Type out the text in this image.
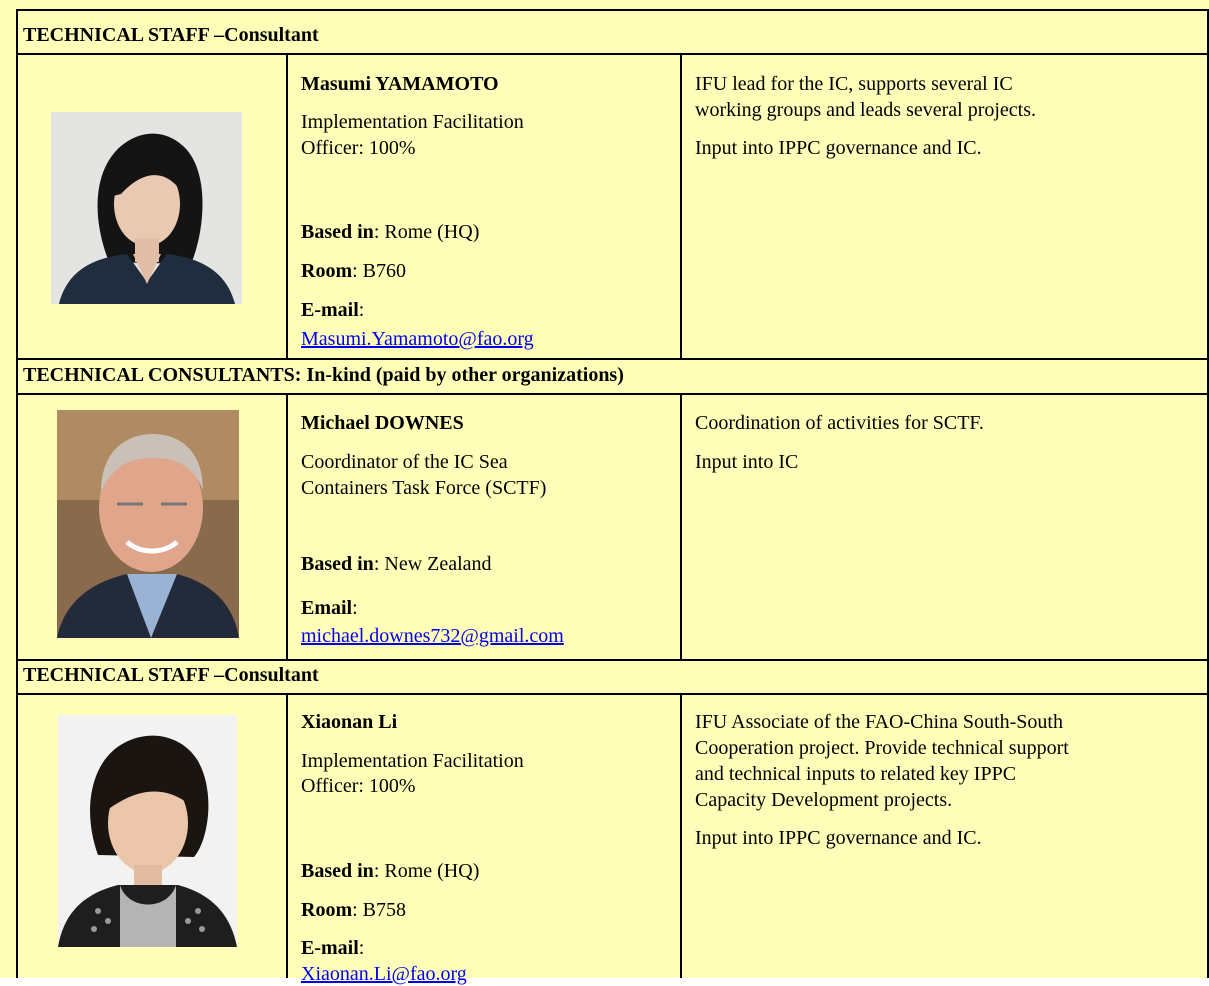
TECHNICAL STAFF –Consultant
Masumi YAMAMOTO
Implementation Facilitation
Officer: 100%
Based in: Rome (HQ)
Room: B760
E-mail:
Masumi.Yamamoto@fao.org
IFU lead for the IC, supports several IC
working groups and leads several projects.
Input into IPPC governance and IC.
TECHNICAL CONSULTANTS: In-kind (paid by other organizations)
Michael DOWNES
Coordinator of the IC Sea
Containers Task Force (SCTF)
Based in: New Zealand
Email:
michael.downes732@gmail.com
Coordination of activities for SCTF.
Input into IC
TECHNICAL STAFF –Consultant
Xiaonan Li
Implementation Facilitation
Officer: 100%
Based in: Rome (HQ)
Room: B758
E-mail:
Xiaonan.Li@fao.org
IFU Associate of the FAO-China South-South
Cooperation project. Provide technical support
and technical inputs to related key IPPC
Capacity Development projects.
Input into IPPC governance and IC.
